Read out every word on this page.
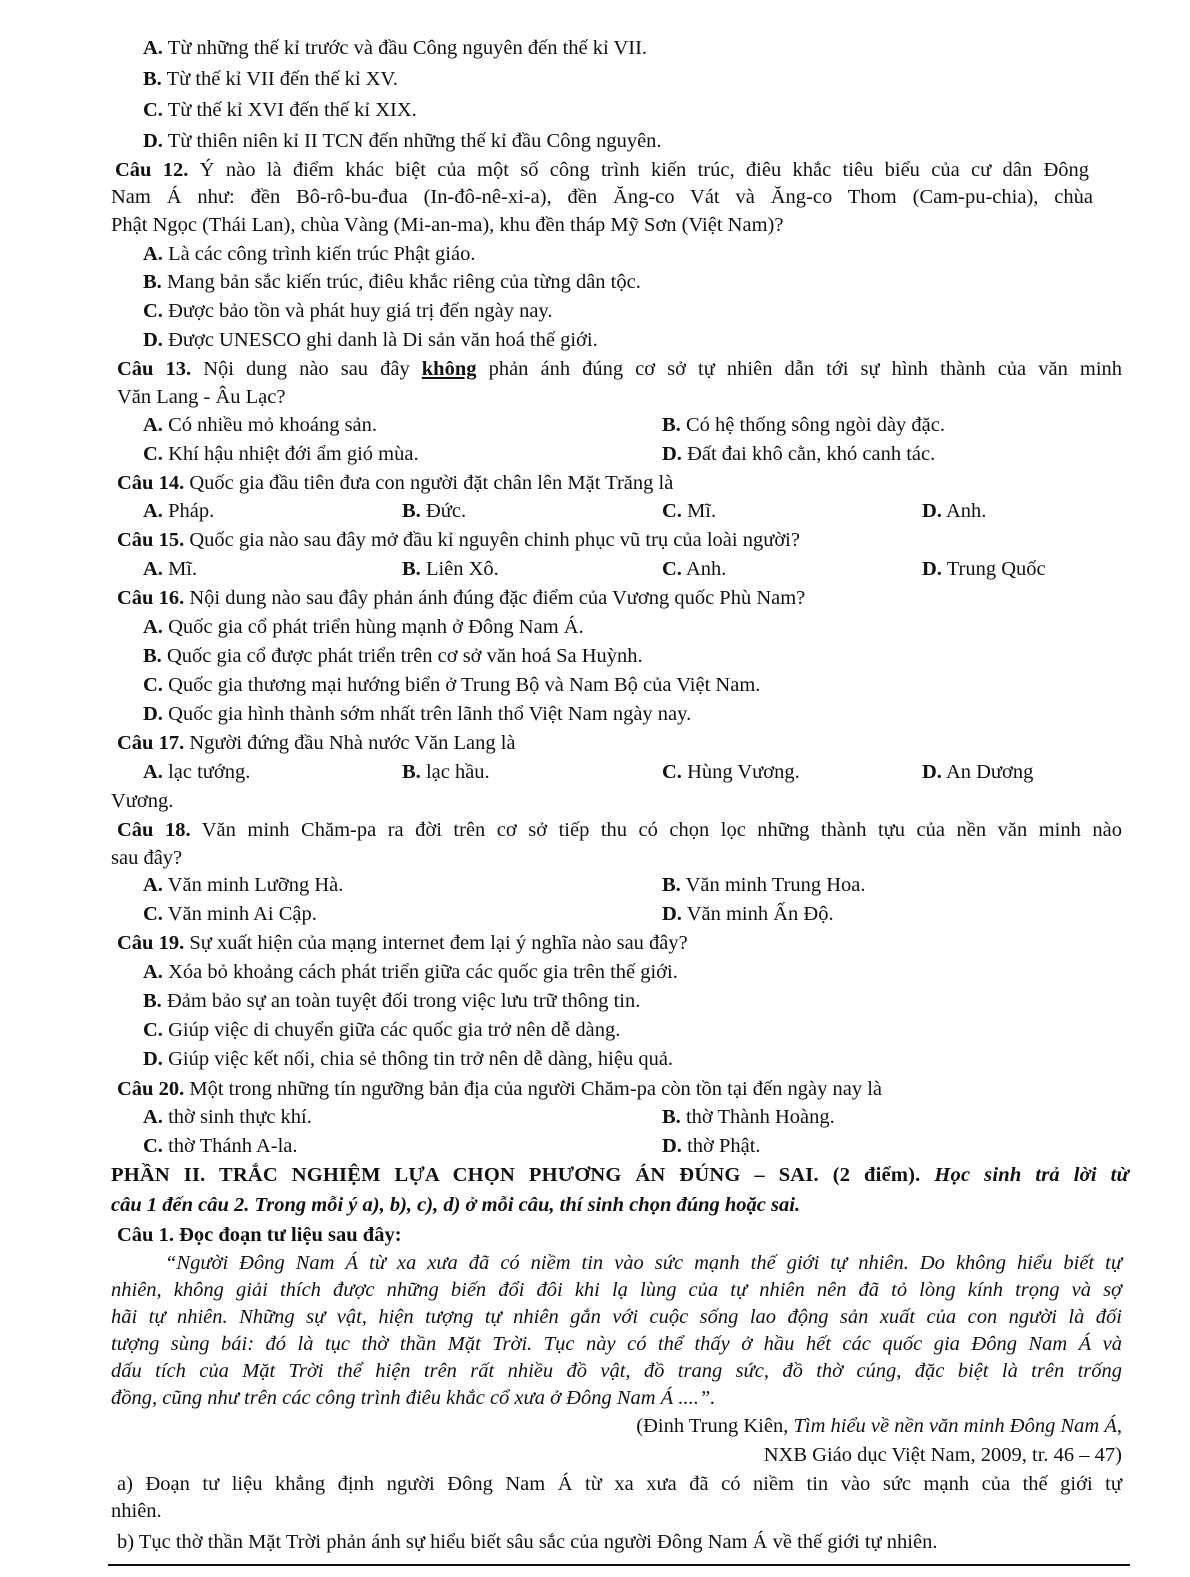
A. Từ những thế kỉ trước và đầu Công nguyên đến thế kỉ VII.
B. Từ thế kỉ VII đến thế kỉ XV.
C. Từ thế kỉ XVI đến thế kỉ XIX.
D. Từ thiên niên kỉ II TCN đến những thế kỉ đầu Công nguyên.
Câu 12. Ý nào là điểm khác biệt của một số công trình kiến trúc, điêu khắc tiêu biểu của cư dân Đông
Nam Á như: đền Bô-rô-bu-đua (In-đô-nê-xi-a), đền Ăng-co Vát và Ăng-co Thom (Cam-pu-chia), chùa
Phật Ngọc (Thái Lan), chùa Vàng (Mi-an-ma), khu đền tháp Mỹ Sơn (Việt Nam)?
A. Là các công trình kiến trúc Phật giáo.
B. Mang bản sắc kiến trúc, điêu khắc riêng của từng dân tộc.
C. Được bảo tồn và phát huy giá trị đến ngày nay.
D. Được UNESCO ghi danh là Di sản văn hoá thế giới.
Câu 13. Nội dung nào sau đây không phản ánh đúng cơ sở tự nhiên dẫn tới sự hình thành của văn minh
Văn Lang - Âu Lạc?
A. Có nhiều mỏ khoáng sản.	B. Có hệ thống sông ngòi dày đặc.
C. Khí hậu nhiệt đới ẩm gió mùa.	D. Đất đai khô cằn, khó canh tác.
Câu 14. Quốc gia đầu tiên đưa con người đặt chân lên Mặt Trăng là
A. Pháp.	B. Đức.	C. Mĩ.	D. Anh.
Câu 15. Quốc gia nào sau đây mở đầu kỉ nguyên chinh phục vũ trụ của loài người?
A. Mĩ.	B. Liên Xô.	C. Anh.	D. Trung Quốc
Câu 16. Nội dung nào sau đây phản ánh đúng đặc điểm của Vương quốc Phù Nam?
A. Quốc gia cổ phát triển hùng mạnh ở Đông Nam Á.
B. Quốc gia cổ được phát triển trên cơ sở văn hoá Sa Huỳnh.
C. Quốc gia thương mại hướng biển ở Trung Bộ và Nam Bộ của Việt Nam.
D. Quốc gia hình thành sớm nhất trên lãnh thổ Việt Nam ngày nay.
Câu 17. Người đứng đầu Nhà nước Văn Lang là
A. lạc tướng.	B. lạc hầu.	C. Hùng Vương.	D. An Dương
Vương.
Câu 18. Văn minh Chăm-pa ra đời trên cơ sở tiếp thu có chọn lọc những thành tựu của nền văn minh nào
sau đây?
A. Văn minh Lưỡng Hà.	B. Văn minh Trung Hoa.
C. Văn minh Ai Cập.	D. Văn minh Ấn Độ.
Câu 19. Sự xuất hiện của mạng internet đem lại ý nghĩa nào sau đây?
A. Xóa bỏ khoảng cách phát triển giữa các quốc gia trên thế giới.
B. Đảm bảo sự an toàn tuyệt đối trong việc lưu trữ thông tin.
C. Giúp việc di chuyển giữa các quốc gia trở nên dễ dàng.
D. Giúp việc kết nối, chia sẻ thông tin trở nên dễ dàng, hiệu quả.
Câu 20. Một trong những tín ngưỡng bản địa của người Chăm-pa còn tồn tại đến ngày nay là
A. thờ sinh thực khí.	B. thờ Thành Hoàng.
C. thờ Thánh A-la.	D. thờ Phật.
PHẦN II. TRẮC NGHIỆM LỰA CHỌN PHƯƠNG ÁN ĐÚNG – SAI. (2 điểm). Học sinh trả lời từ
câu 1 đến câu 2. Trong mỗi ý a), b), c), d) ở mỗi câu, thí sinh chọn đúng hoặc sai.
Câu 1. Đọc đoạn tư liệu sau đây:
“Người Đông Nam Á từ xa xưa đã có niềm tin vào sức mạnh thế giới tự nhiên. Do không hiểu biết tự
nhiên, không giải thích được những biến đổi đôi khi lạ lùng của tự nhiên nên đã tỏ lòng kính trọng và sợ
hãi tự nhiên. Những sự vật, hiện tượng tự nhiên gắn với cuộc sống lao động sản xuất của con người là đối
tượng sùng bái: đó là tục thờ thần Mặt Trời. Tục này có thể thấy ở hầu hết các quốc gia Đông Nam Á và
dấu tích của Mặt Trời thể hiện trên rất nhiều đồ vật, đồ trang sức, đồ thờ cúng, đặc biệt là trên trống
đồng, cũng như trên các công trình điêu khắc cổ xưa ở Đông Nam Á ....”.
(Đinh Trung Kiên, Tìm hiểu về nền văn minh Đông Nam Á,
NXB Giáo dục Việt Nam, 2009, tr. 46 – 47)
a) Đoạn tư liệu khẳng định người Đông Nam Á từ xa xưa đã có niềm tin vào sức mạnh của thế giới tự
nhiên.
b) Tục thờ thần Mặt Trời phản ánh sự hiểu biết sâu sắc của người Đông Nam Á về thế giới tự nhiên.
